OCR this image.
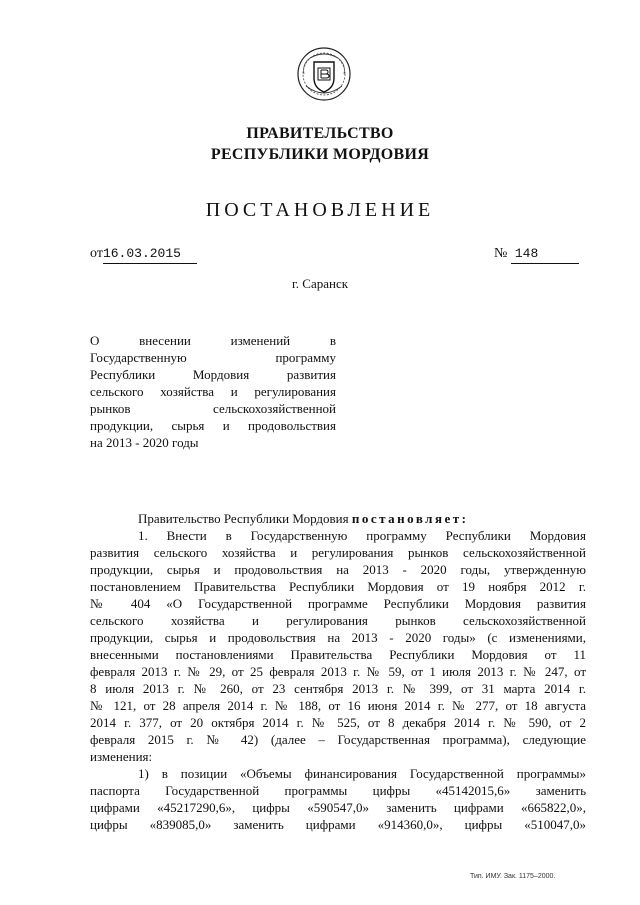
ПРАВИТЕЛЬСТВО
РЕСПУБЛИКИ МОРДОВИЯ
ПОСТАНОВЛЕНИЕ
от16.03.2015	№ 148
г. Саранск
О внесении изменений в
Государственную программу
Республики Мордовия развития
сельского хозяйства и регулирования
рынков сельскохозяйственной
продукции, сырья и продовольствия
на 2013 - 2020 годы
Правительство Республики Мордовия постановляет:
1. Внести в Государственную программу Республики Мордовия
развития сельского хозяйства и регулирования рынков сельскохозяйственной
продукции, сырья и продовольствия на 2013 - 2020 годы, утвержденную
постановлением Правительства Республики Мордовия от 19 ноября 2012 г.
№ 404 «О Государственной программе Республики Мордовия развития
сельского хозяйства и регулирования рынков сельскохозяйственной
продукции, сырья и продовольствия на 2013 - 2020 годы» (с изменениями,
внесенными постановлениями Правительства Республики Мордовия от 11
февраля 2013 г. № 29, от 25 февраля 2013 г. № 59, от 1 июля 2013 г. № 247, от
8 июля 2013 г. № 260, от 23 сентября 2013 г. № 399, от 31 марта 2014 г.
№ 121, от 28 апреля 2014 г. № 188, от 16 июня 2014 г. № 277, от 18 августа
2014 г. 377, от 20 октября 2014 г. № 525, от 8 декабря 2014 г. № 590, от 2
февраля 2015 г. № 42) (далее – Государственная программа), следующие
изменения:
1) в позиции «Объемы финансирования Государственной программы»
паспорта Государственной программы цифры «45142015,6» заменить
цифрами «45217290,6», цифры «590547,0» заменить цифрами «665822,0»,
цифры «839085,0» заменить цифрами «914360,0», цифры «510047,0»
Тип. ИМУ. Зак. 1175–2000.
